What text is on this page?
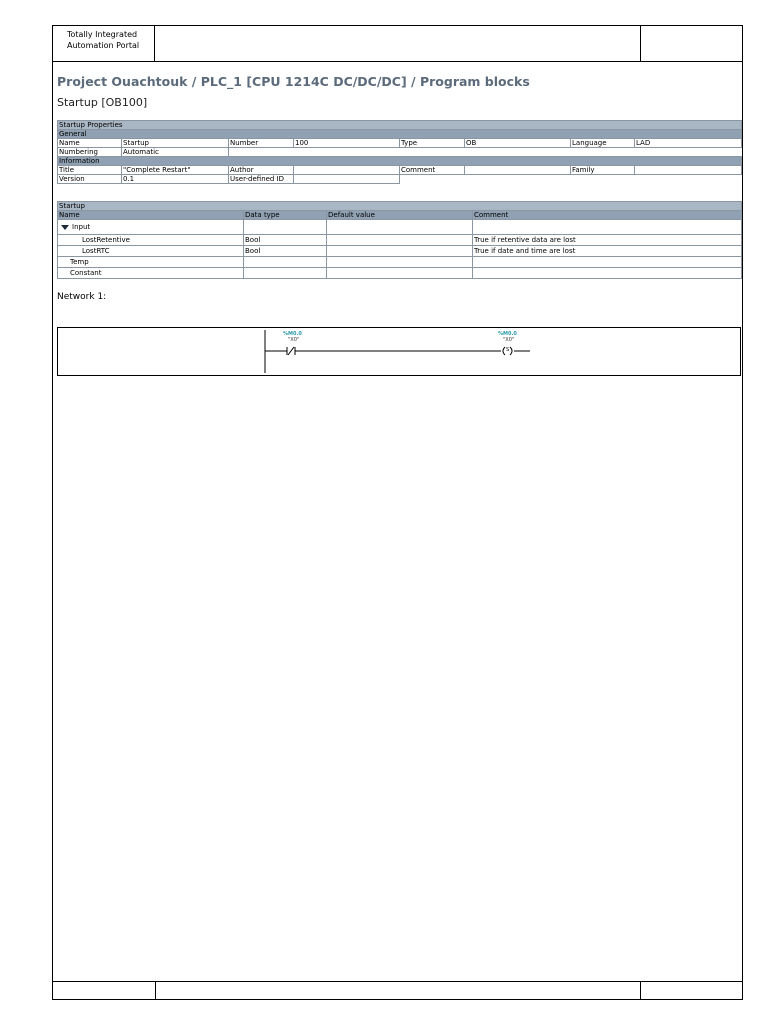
Totally Integrated
Automation Portal
Project Ouachtouk / PLC_1 [CPU 1214C DC/DC/DC] / Program blocks
Startup [OB100]
Startup Properties							
General							
Name	Startup	Number	100	Type	OB	Language	LAD
Numbering	Automatic						
Information							
Title	"Complete Restart"	Author		Comment		Family	
Version	0.1	User-defined ID					
Startup			
Name	Data type	Default value	Comment
Input			
LostRetentive	Bool		True if retentive data are lost
LostRTC	Bool		True if date and time are lost
Temp			
Constant			
Network 1:
%M0.0
"X0"
%M0.0
"X0"
S
